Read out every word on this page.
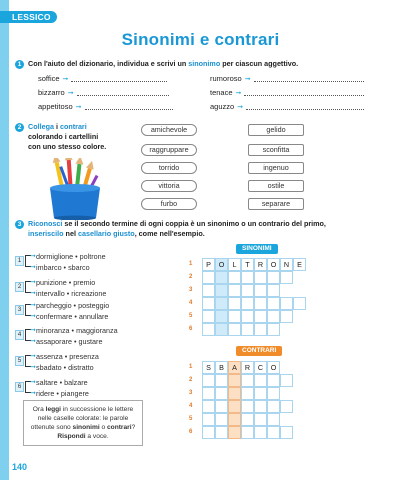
LESSICO
Sinonimi e contrari
1 Con l'aiuto del dizionario, individua e scrivi un sinonimo per ciascun aggettivo.
soffice ➞
bizzarro ➞
appetitoso ➞
rumoroso ➞
tenace ➞
aguzzo ➞
2 Collega i contrari
colorando i cartellini
con uno stesso colore.
amichevole
raggruppare
torrido
vittoria
furbo
gelido
sconfitta
ingenuo
ostile
separare
3 Riconosci se il secondo termine di ogni coppia è un sinonimo o un contrario del primo,
inseriscilo nel casellario giusto, come nell'esempio.
1	dormiglione • poltrone
➞
imbarco • sbarco
➞
2	punizione • premio
➞
intervallo • ricreazione
➞
3	parcheggio • posteggio
➞
confermare • annullare
➞
4	minoranza • maggioranza
➞
assaporare • gustare
➞
5	assenza • presenza
➞
sbadato • distratto
➞
6	saltare • balzare
➞
ridere • piangere
➞
SINONIMI
1	P	O	L	T	R	O	N	E
2
3
4
5
6
CONTRARI
1	S	B	A	R	C	O
2
3
4
5
6
Ora leggi in successione le lettere nelle caselle colorate: le parole ottenute sono sinonimi o contrari? Rispondi a voce.
140
